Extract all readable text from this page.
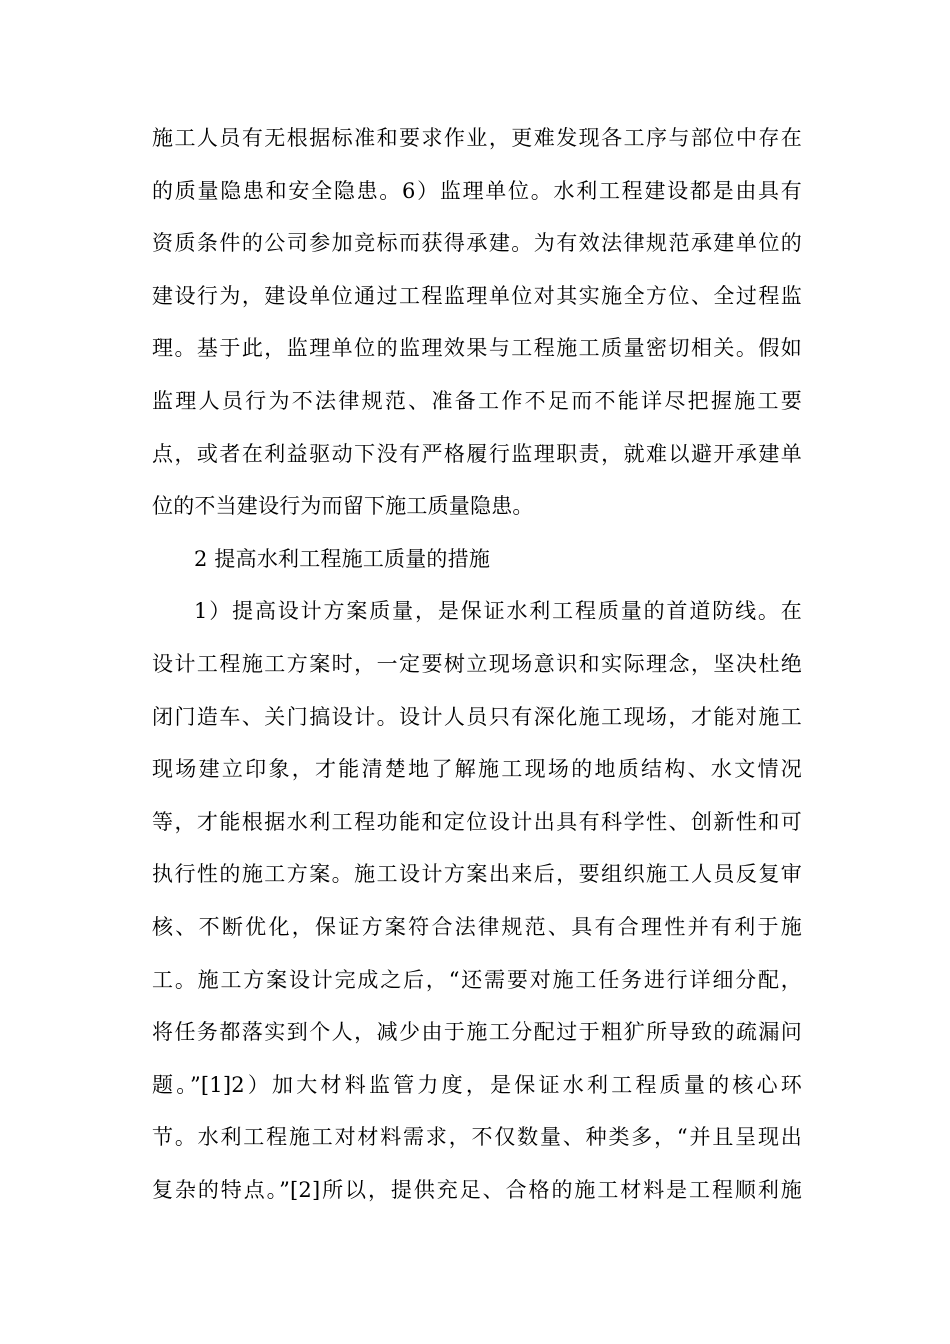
施工人员有无根据标准和要求作业，更难发现各工序与部位中存在
的质量隐患和安全隐患。6）监理单位。水利工程建设都是由具有
资质条件的公司参加竞标而获得承建。为有效法律规范承建单位的
建设行为，建设单位通过工程监理单位对其实施全方位、全过程监
理。基于此，监理单位的监理效果与工程施工质量密切相关。假如
监理人员行为不法律规范、准备工作不足而不能详尽把握施工要
点，或者在利益驱动下没有严格履行监理职责，就难以避开承建单
位的不当建设行为而留下施工质量隐患。
2 提高水利工程施工质量的措施
1）提高设计方案质量，是保证水利工程质量的首道防线。在
设计工程施工方案时，一定要树立现场意识和实际理念，坚决杜绝
闭门造车、关门搞设计。设计人员只有深化施工现场，才能对施工
现场建立印象，才能清楚地了解施工现场的地质结构、水文情况
等，才能根据水利工程功能和定位设计出具有科学性、创新性和可
执行性的施工方案。施工设计方案出来后，要组织施工人员反复审
核、不断优化，保证方案符合法律规范、具有合理性并有利于施
工。施工方案设计完成之后，“还需要对施工任务进行详细分配，
将任务都落实到个人，减少由于施工分配过于粗犷所导致的疏漏问
题。”[1]2）加大材料监管力度，是保证水利工程质量的核心环
节。水利工程施工对材料需求，不仅数量、种类多，“并且呈现出
复杂的特点。”[2]所以，提供充足、合格的施工材料是工程顺利施
